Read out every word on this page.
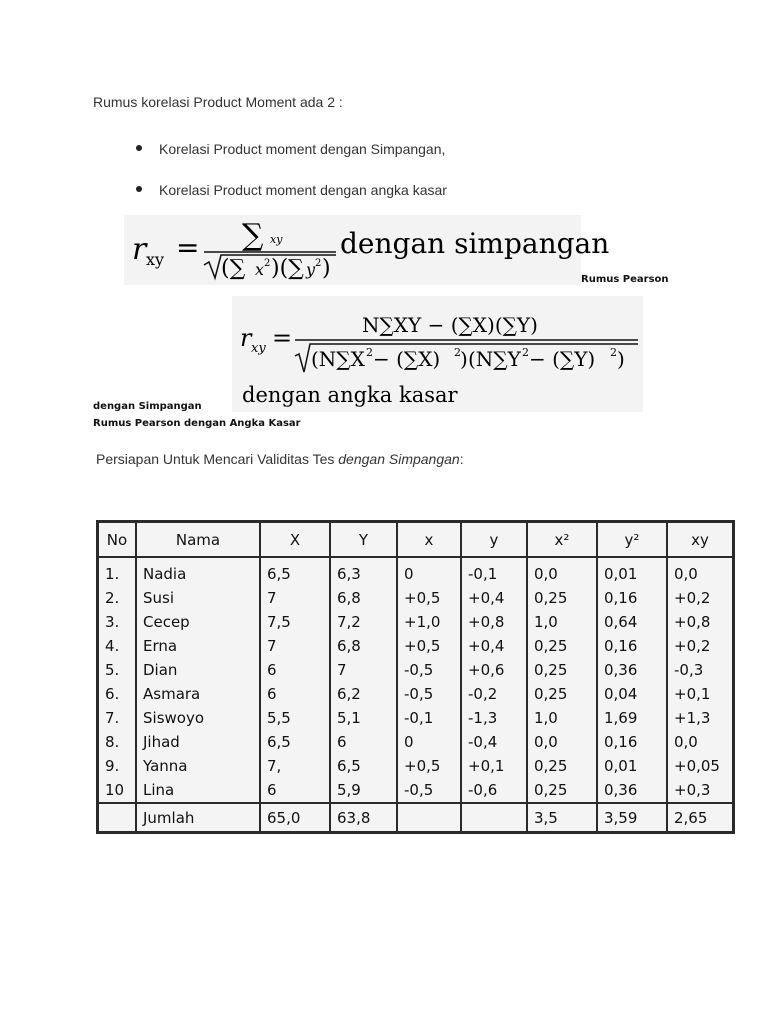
Rumus korelasi Product Moment ada 2 :
Korelasi Product moment dengan Simpangan,
Korelasi Product moment dengan angka kasar
r xy = ∑ xy
(∑ x 2 )(∑ y 2 )
dengan simpangan
Rumus Pearson
r xy =	N∑XY − (∑X)(∑Y)
(N∑X 2 − (∑X) 2 ) (N∑Y 2 − (∑Y) 2 )
dengan angka kasar
dengan Simpangan
Rumus Pearson dengan Angka Kasar
Persiapan Untuk Mencari Validitas Tes dengan Simpangan:
No	Nama	X	Y	x	y	x²	y²	xy
1.	Nadia	6,5	6,3	0	-0,1	0,0	0,01	0,0
2.	Susi	7	6,8	+0,5	+0,4	0,25	0,16	+0,2
3.	Cecep	7,5	7,2	+1,0	+0,8	1,0	0,64	+0,8
4.	Erna	7	6,8	+0,5	+0,4	0,25	0,16	+0,2
5.	Dian	6	7	-0,5	+0,6	0,25	0,36	-0,3
6.	Asmara	6	6,2	-0,5	-0,2	0,25	0,04	+0,1
7.	Siswoyo	5,5	5,1	-0,1	-1,3	1,0	1,69	+1,3
8.	Jihad	6,5	6	0	-0,4	0,0	0,16	0,0
9.	Yanna	7,	6,5	+0,5	+0,1	0,25	0,01	+0,05
10	Lina	6	5,9	-0,5	-0,6	0,25	0,36	+0,3
	Jumlah	65,0	63,8			3,5	3,59	2,65
